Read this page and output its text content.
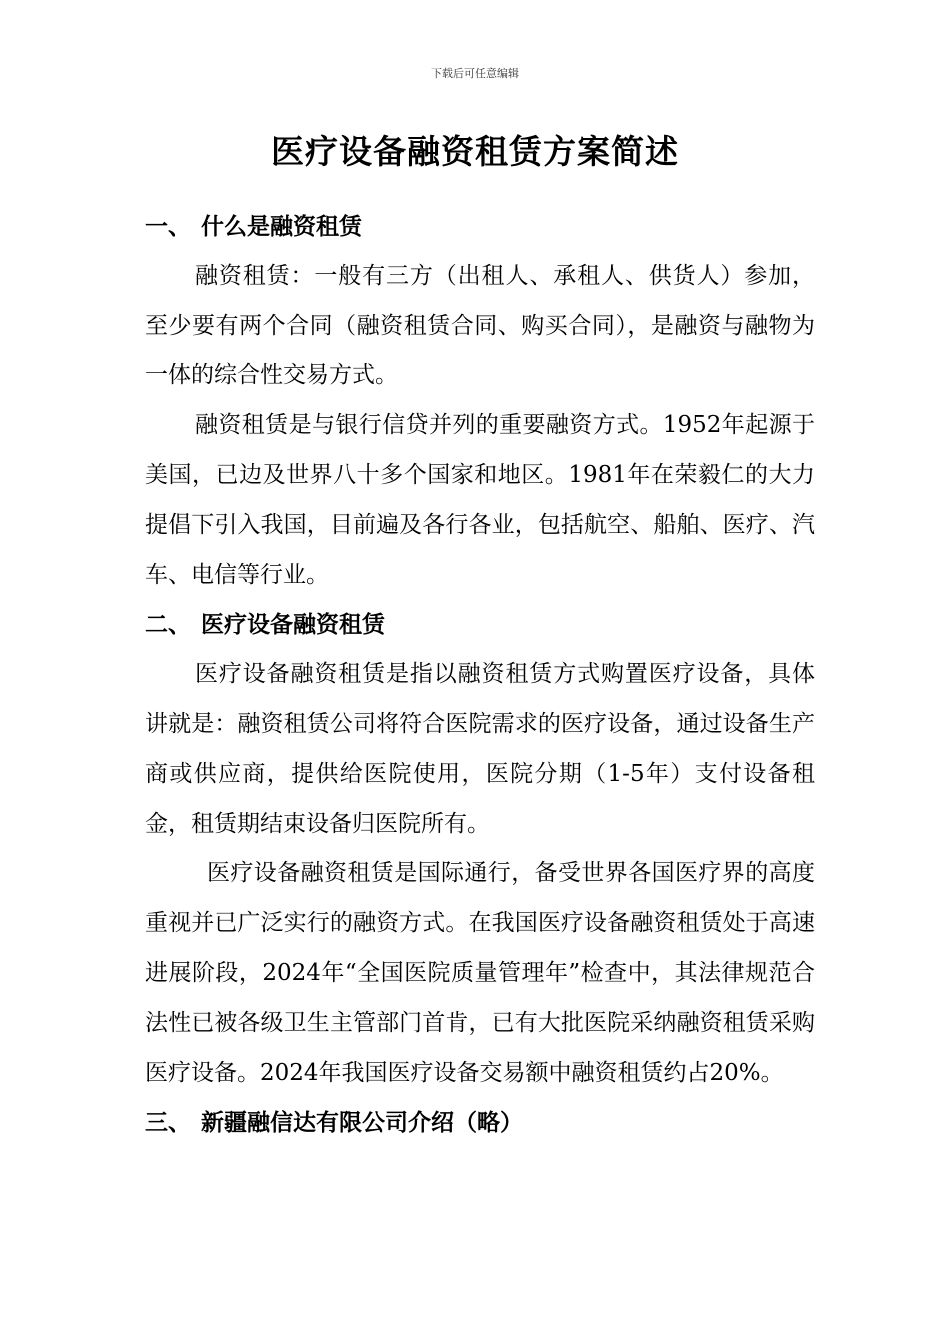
下载后可任意编辑
医疗设备融资租赁方案简述
一、 什么是融资租赁

融资租赁：一般有三方（出租人、承租人、供货人）参加，至少要有两个合同（融资租赁合同、购买合同），是融资与融物为一体的综合性交易方式。

融资租赁是与银行信贷并列的重要融资方式。1952年起源于美国，已边及世界八十多个国家和地区。1981年在荣毅仁的大力提倡下引入我国，目前遍及各行各业，包括航空、船舶、医疗、汽车、电信等行业。

二、 医疗设备融资租赁

医疗设备融资租赁是指以融资租赁方式购置医疗设备，具体讲就是：融资租赁公司将符合医院需求的医疗设备，通过设备生产商或供应商，提供给医院使用，医院分期（1-5年）支付设备租金，租赁期结束设备归医院所有。

医疗设备融资租赁是国际通行，备受世界各国医疗界的高度重视并已广泛实行的融资方式。在我国医疗设备融资租赁处于高速进展阶段，2024年“全国医院质量管理年”检查中，其法律规范合法性已被各级卫生主管部门首肯，已有大批医院采纳融资租赁采购医疗设备。2024年我国医疗设备交易额中融资租赁约占20%。

三、 新疆融信达有限公司介绍（略）
